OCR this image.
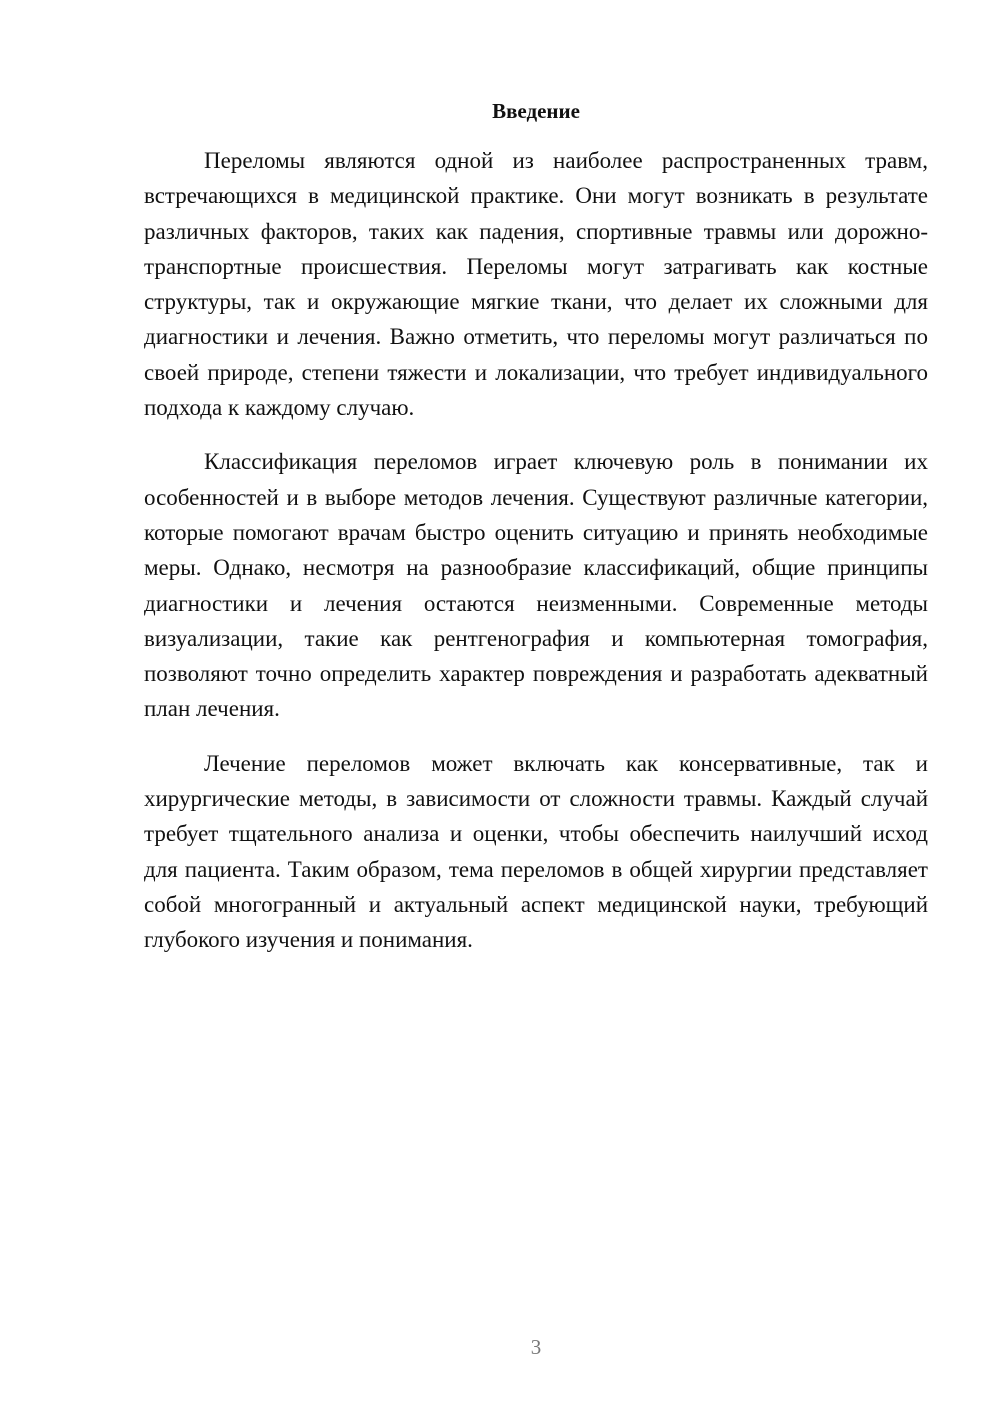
Введение

Переломы являются одной из наиболее распространенных травм, встречающихся в медицинской практике. Они могут возникать в результате различных факторов, таких как падения, спортивные травмы или дорожно-транспортные происшествия. Переломы могут затрагивать как костные структуры, так и окружающие мягкие ткани, что делает их сложными для диагностики и лечения. Важно отметить, что переломы могут различаться по своей природе, степени тяжести и локализации, что требует индивидуального подхода к каждому случаю.

Классификация переломов играет ключевую роль в понимании их особенностей и в выборе методов лечения. Существуют различные категории, которые помогают врачам быстро оценить ситуацию и принять необходимые меры. Однако, несмотря на разнообразие классификаций, общие принципы диагностики и лечения остаются неизменными. Современные методы визуализации, такие как рентгенография и компьютерная томография, позволяют точно определить характер повреждения и разработать адекватный план лечения.

Лечение переломов может включать как консервативные, так и хирургические методы, в зависимости от сложности травмы. Каждый случай требует тщательного анализа и оценки, чтобы обеспечить наилучший исход для пациента. Таким образом, тема переломов в общей хирургии представляет собой многогранный и актуальный аспект медицинской науки, требующий глубокого изучения и понимания.

3
